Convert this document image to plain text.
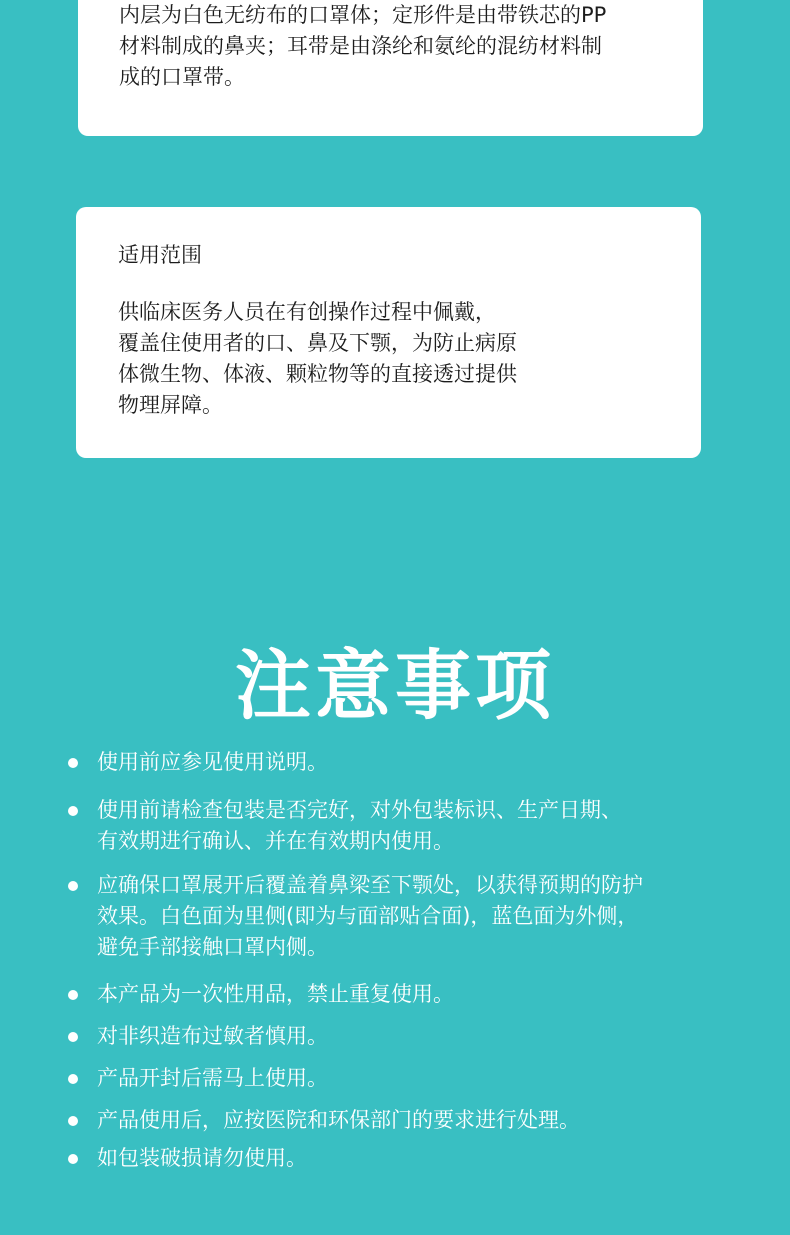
内层为白色无纺布的口罩体；定形件是由带铁芯的PP
材料制成的鼻夹；耳带是由涤纶和氨纶的混纺材料制
成的口罩带。

适用范围

供临床医务人员在有创操作过程中佩戴，
覆盖住使用者的口、鼻及下颚，为防止病原
体微生物、体液、颗粒物等的直接透过提供
物理屏障。

注意事项
使用前应参见使用说明。
使用前请检查包装是否完好，对外包装标识、生产日期、
有效期进行确认、并在有效期内使用。
应确保口罩展开后覆盖着鼻梁至下颚处，以获得预期的防护
效果。白色面为里侧(即为与面部贴合面)，蓝色面为外侧，
避免手部接触口罩内侧。
本产品为一次性用品，禁止重复使用。
对非织造布过敏者慎用。
产品开封后需马上使用。
产品使用后，应按医院和环保部门的要求进行处理。
如包装破损请勿使用。
